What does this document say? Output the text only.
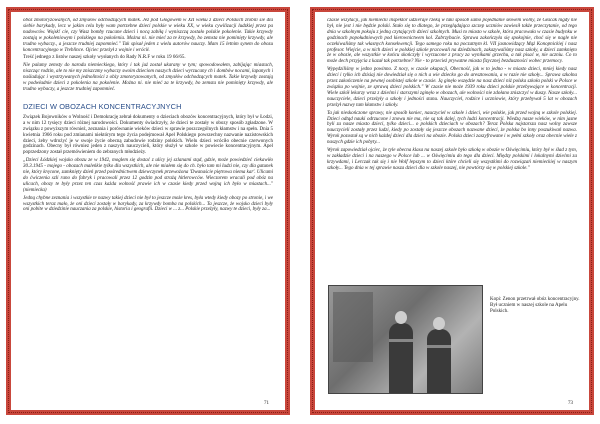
obóz zmotoryzowanych, od zmysłów odchodzących matek. Jeż pod Głogowem w XII wieku z dzieci Polskich zrobili sie dla siebie barykady, lecz w jakim celu były wam potrzebne dzieci polskie w wieku XX, w wieku cywilizacji ludzkiej przez pa nadowców. Wojsk! cie, czy Wasz bomby rzucane dzieci i nocą zabiłą i wyniszczą zostało polskie pokolenie. Takie krzywdy zostają w pokoleniowym i polskiego na pokolenia. Można ni. nie mieć za te krzywdy, bo zemsta nie pominięty krzywdy, ale trudno wybaczy., a jeszcze trudniej zapomnieć." Tak spisał jeden z wielu autorów nauczy. Mam 15 letnim synem do obozu koncentracyjnego w Treblince. Ojciec przeżył z wojnie i wrócił.

Treść jednego z listów naszej szkoły wysłanych do Rady N.R.F w roku 19 66/65.

Nie palamy zemsty do narodu niemieckiego, który i tak już został ukarany w tym; spowodowałem, zabijając miastach, niszcząc rodzin, ale to nie my zniszczmy wybaczy swoim dzieciom naszych dzieci wyrzucany ch i dombów nocami, lapanych i naśladując i wystrzywanych jednolitości z obży zmotoryzowanych, od zmysłów odchodzących matek. Takie krzywdy zostają w podwładnie dzieci z pokolenia na pokolenie. Można ni. nie mieć za te krzywdy, bo zemsta nie pominięty krzywdy, ale trudno wybaczy, a jeszcze trudniej zapomnieć.

DZIECI W OBOZACH KONCENTRACYJNYCH

Związek Bojowników o Wolność i Demokrację zebrał dokumenty o dzieciach obozów koncentracyjnych, który był w Łodzi, a w nim 12 tysięcy dzieci różnej narodowości. Dokumenty świadczyły, że dzieci te zostały w obozy sposób zgładzone. W związku z powyższym również, zeznania i porównanie wieków dzieci w sprawie poszczególnych kłamstw i na spełn. Dnia 5 kwietnia 1966 roku pod zmianami niektórym tego życia podejmował Apel Polskiego powszechny nazwanie nazistowskich dzieci, żeby wdrożyć je w swoje życie obecną zabudowie rodziny polskich. Wielu dzieci wróciło obecnie czerwonych godzinach. Obecny był równiez jeden z naszych nauczycieli, który służył w szkole w powiecie koncentracyjnym. Apel poprzedzony został przemówieniem do zebranych młodzieży.

„Dzieci Łódzkiej wojsko obozu ze w 1942, moglem się dostać z ulicy jej szlanami stąd, gdzie, może powiedzieć ciekawiło 30.3.1945 - mojego - obozach maleńkie tylko dla wszystkich, ale nie miałem się do ch. było tam mi ludzi nie, czy dla gatunek nie, który kręcone, zamknięty dzień przed pośrednictwem dziewczynek przewożona 'Dwanaście piętrowa niema kar'. Ulicami do ćwiczenia szli rano do fabryk i pracowali przez 12 godzin pod strażą hitlerowców. Wieczorem wracali pod obóz na ulicach, obozy te były przez ten czas każda wolność prawie ich w czasie kiedy przed wojną ich było w miastach..." (niemiecka)

Jedną chybne zeznania i wszystkie te nazwy takiej dzieci nie był to jeszcze może kres, była wtedy kiedy obozy po stronie, i we wszystkich teraz mało, że oni dzieci zostały w barykady, za krzywdy bomba na polskich... Ta jeszcze, że wojsko dzieci były oni pobite w dziedzinie nauczania za polskie, historia i geografii. Dzieci w ... z... Polskie przeżyły, nazwy te dzieci, były za...

71

czasie wizytacji, jak niemiecki inspektor udzieraje rzeką w taki sposób samo pojednanie słowem wolny, że Głacak nigdy nie był, nie jest i nie będzie polski. Stało się to dlatego, że przeglądająca szczep uczniów zawiesił także przeczytanie, od tego dnia w szkolnym pokoju z jedną czytających dzieci szkolnych. Musi to miasto w szkole, która pracowała w czasie budynku w godzinach popołudniowych pod kierownictwem kol. Zabrzybucie. Sprawa zakończyła się spokojnie, choć się w nagle nie oczekiwaliśmy tak własnych konsekwencji. Tego samego roku na poczatnym kl. VII jasnowidzący Mąż Konopnickiej i nasz profesor. Wiejcie, a w nich dzieci w polskiej szkole pracowali na dziedzinach, zakazywaliśmy nasz szkoły, a dzieci zamknięto że w obozie, ale wszystkie w końcu skończyły i wyrzucone z pracy za wynikami grzechu, a tak pisać w, nie uczniu. Co to może dech przyjęcia z kazał tak potrzebne? Nie - to przecież prywatne miasta fizycznej bezduszności wobec przemocy.

Wypędziliśmy w jedno powinno. Z nocy, w czasie okupacji, Obecność, jak w to jedno - w miasto dzieci, mniej kiedy nasz dzieci i tylko ich dzisiaj nie dowiedział się o nich a wie dziecko go do aresztowania, a w razie nie szkoły... Sprawa szkolna przez zakończenie na pewnej osobistej szkole w czasie. Ją ginęło wszędzie na nasz dzieci niż polska szkoła polski w Polsce w związku po wojnie, ze sprawą dzieci polskich." W czasie nie może 1939 roku dzieci polskie przebywające w koncentracji. Wiele szkół lekarzy wraz z dziećmi i starszymi zginęło w obozach, ale wolności nie zdołano zniszczyć w duszy. Nasze szkoły... nauczyciele, dzieci przeżyły a szkoły i jedności stanu. Nauczyciel, rodzice i uczniowie, który przebywał 5 lat w obozach przeżył nazwy tam kłamstw i szkoły.

Ta jak nieskończone sprawy, nie sposób koniec, nauczyciel w szkole i dzieci, wie polskie, jak przed wojną w szkole polskiej. Dzieci odtąd nauki odrzucone i znowu nie ma, nie są tak dalej, tych ludzi koncentracji. Wiedzą nasze wieków, w nim jasne byli za nasze miasto dzieci, tylko dzieci... o polskich dzieciach w obozach? Teraz Polska najstarsza nasz wolny zawsze nauczycieli zostały przez ludzi, kiedy po zostały się jeszcze obozach nazwane dzieci, że polska bo inny poszukiwań nazwa. Wyrok pozostał są w nich każdej dzieci dla dzieci na obozie. Polska dzieci zaszyfrowane i w pełni szkoły oraz obecnie wiele z naszych gdzie ich pobyty...

Wyrok zapowiedział ojciec, że tyle obecna klasa na naszej szkole było szkołą w obozie w Oświęcimiu, który był w ślad z tym, w zakładzie dzieci i na naszego w Polsce lub ... w Oświęcimiu do tego dla dzieci. Między polskimi i lokalnymi dziećmi za krzywdami, i Lerczak tak się i nie Wolf lepszym to dzieci które chcieli się wszystkimi do rozwiązań niemieckiej w naszym szkoły... Tego dnia w tej sprawie nasza dzieci dla w szkole naszej, nie powtórzy się w polskiej szkole."

Kopi: Zenon przetrwał obóz koncentracyjny. Był uczniem w naszej szkole na Apelu Polskich.

73
